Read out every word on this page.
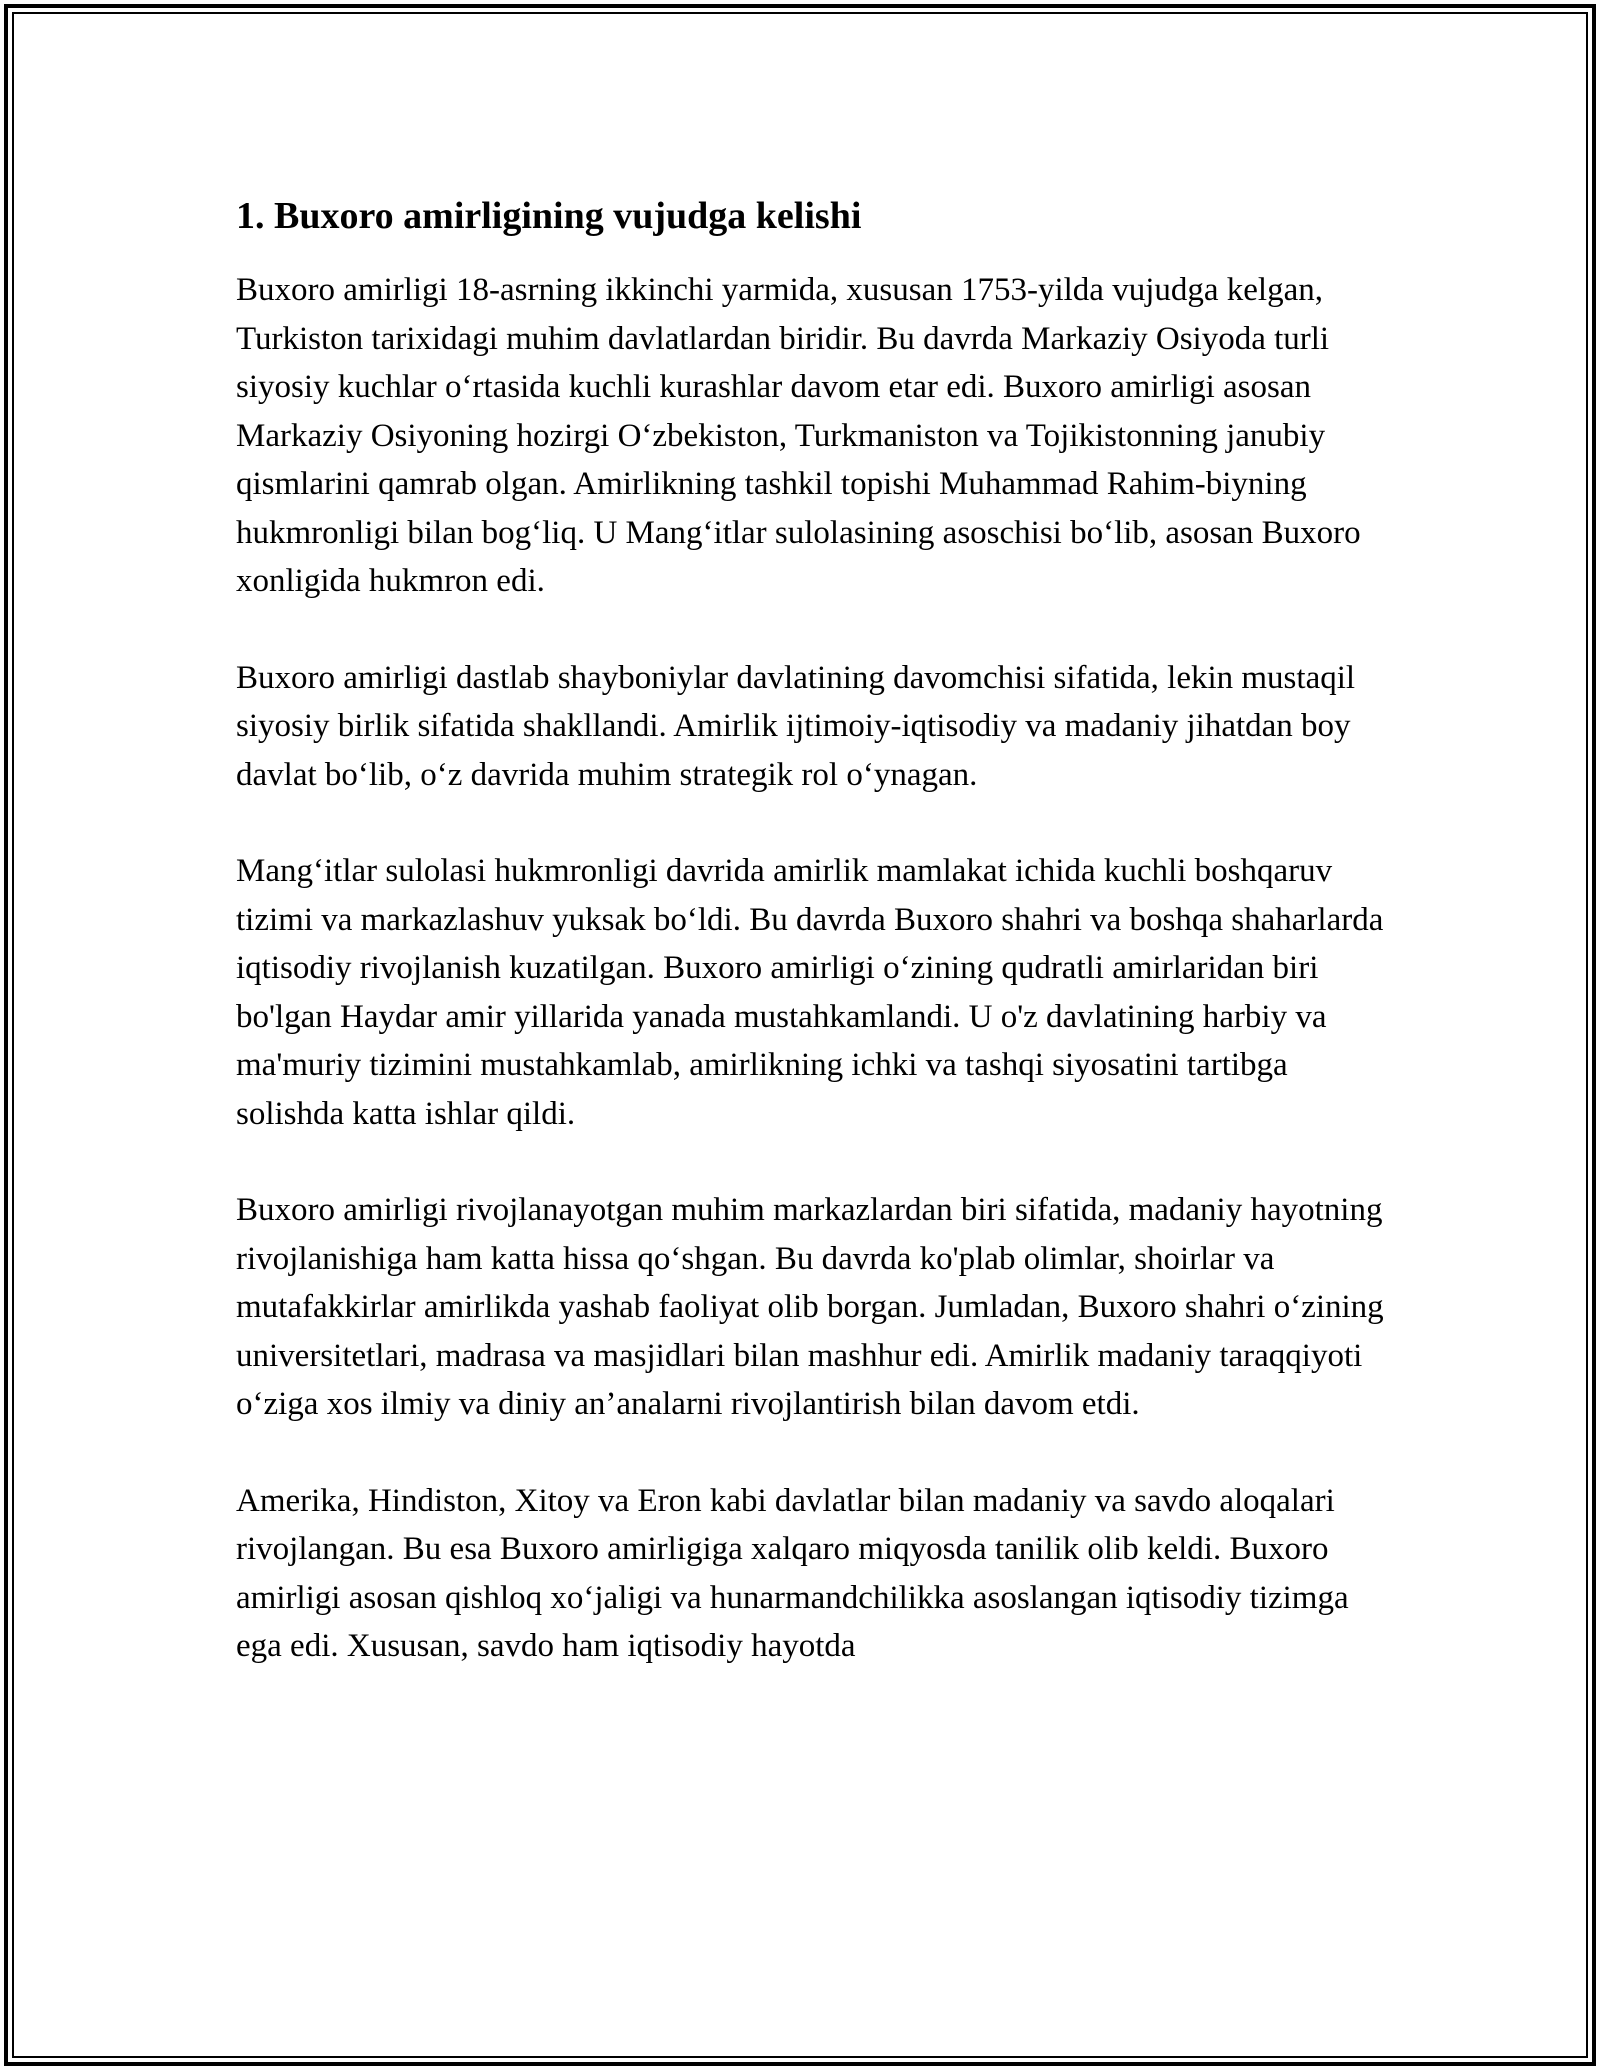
1. Buxoro amirligining vujudga kelishi

Buxoro amirligi 18-asrning ikkinchi yarmida, xususan 1753-yilda vujudga kelgan, Turkiston tarixidagi muhim davlatlardan biridir. Bu davrda Markaziy Osiyoda turli siyosiy kuchlar o‘rtasida kuchli kurashlar davom etar edi. Buxoro amirligi asosan Markaziy Osiyoning hozirgi O‘zbekiston, Turkmaniston va Tojikistonning janubiy qismlarini qamrab olgan. Amirlikning tashkil topishi Muhammad Rahim-biyning hukmronligi bilan bog‘liq. U Mang‘itlar sulolasining asoschisi bo‘lib, asosan Buxoro xonligida hukmron edi.

Buxoro amirligi dastlab shayboniylar davlatining davomchisi sifatida, lekin mustaqil siyosiy birlik sifatida shakllandi. Amirlik ijtimoiy-iqtisodiy va madaniy jihatdan boy davlat bo‘lib, o‘z davrida muhim strategik rol o‘ynagan.

Mang‘itlar sulolasi hukmronligi davrida amirlik mamlakat ichida kuchli boshqaruv tizimi va markazlashuv yuksak bo‘ldi. Bu davrda Buxoro shahri va boshqa shaharlarda iqtisodiy rivojlanish kuzatilgan. Buxoro amirligi o‘zining qudratli amirlaridan biri bo'lgan Haydar amir yillarida yanada mustahkamlandi. U o'z davlatining harbiy va ma'muriy tizimini mustahkamlab, amirlikning ichki va tashqi siyosatini tartibga solishda katta ishlar qildi.

Buxoro amirligi rivojlanayotgan muhim markazlardan biri sifatida, madaniy hayotning rivojlanishiga ham katta hissa qo‘shgan. Bu davrda ko'plab olimlar, shoirlar va mutafakkirlar amirlikda yashab faoliyat olib borgan. Jumladan, Buxoro shahri o‘zining universitetlari, madrasa va masjidlari bilan mashhur edi. Amirlik madaniy taraqqiyoti o‘ziga xos ilmiy va diniy an’analarni rivojlantirish bilan davom etdi.

Amerika, Hindiston, Xitoy va Eron kabi davlatlar bilan madaniy va savdo aloqalari rivojlangan. Bu esa Buxoro amirligiga xalqaro miqyosda tanilik olib keldi. Buxoro amirligi asosan qishloq xo‘jaligi va hunarmandchilikka asoslangan iqtisodiy tizimga ega edi. Xususan, savdo ham iqtisodiy hayotda
